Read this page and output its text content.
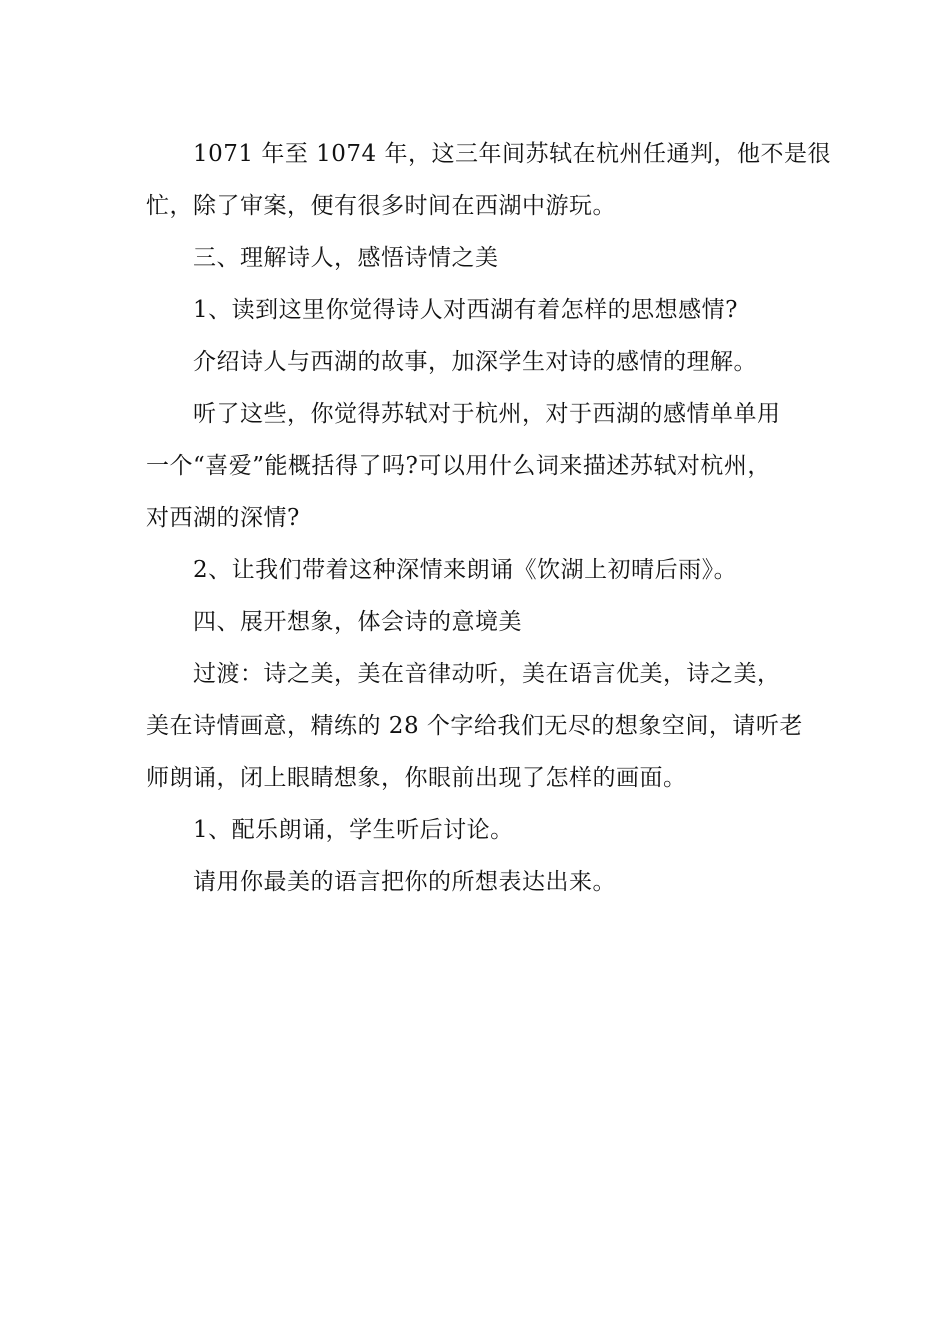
1071 年至 1074 年，这三年间苏轼在杭州任通判，他不是很

忙，除了审案，便有很多时间在西湖中游玩。

三、理解诗人，感悟诗情之美

1、读到这里你觉得诗人对西湖有着怎样的思想感情?

介绍诗人与西湖的故事，加深学生对诗的感情的理解。

听了这些，你觉得苏轼对于杭州，对于西湖的感情单单用

一个“喜爱”能概括得了吗?可以用什么词来描述苏轼对杭州，

对西湖的深情?

2、让我们带着这种深情来朗诵《饮湖上初晴后雨》。

四、展开想象，体会诗的意境美

过渡：诗之美，美在音律动听，美在语言优美，诗之美，

美在诗情画意，精练的 28 个字给我们无尽的想象空间，请听老

师朗诵，闭上眼睛想象，你眼前出现了怎样的画面。

1、配乐朗诵，学生听后讨论。

请用你最美的语言把你的所想表达出来。
